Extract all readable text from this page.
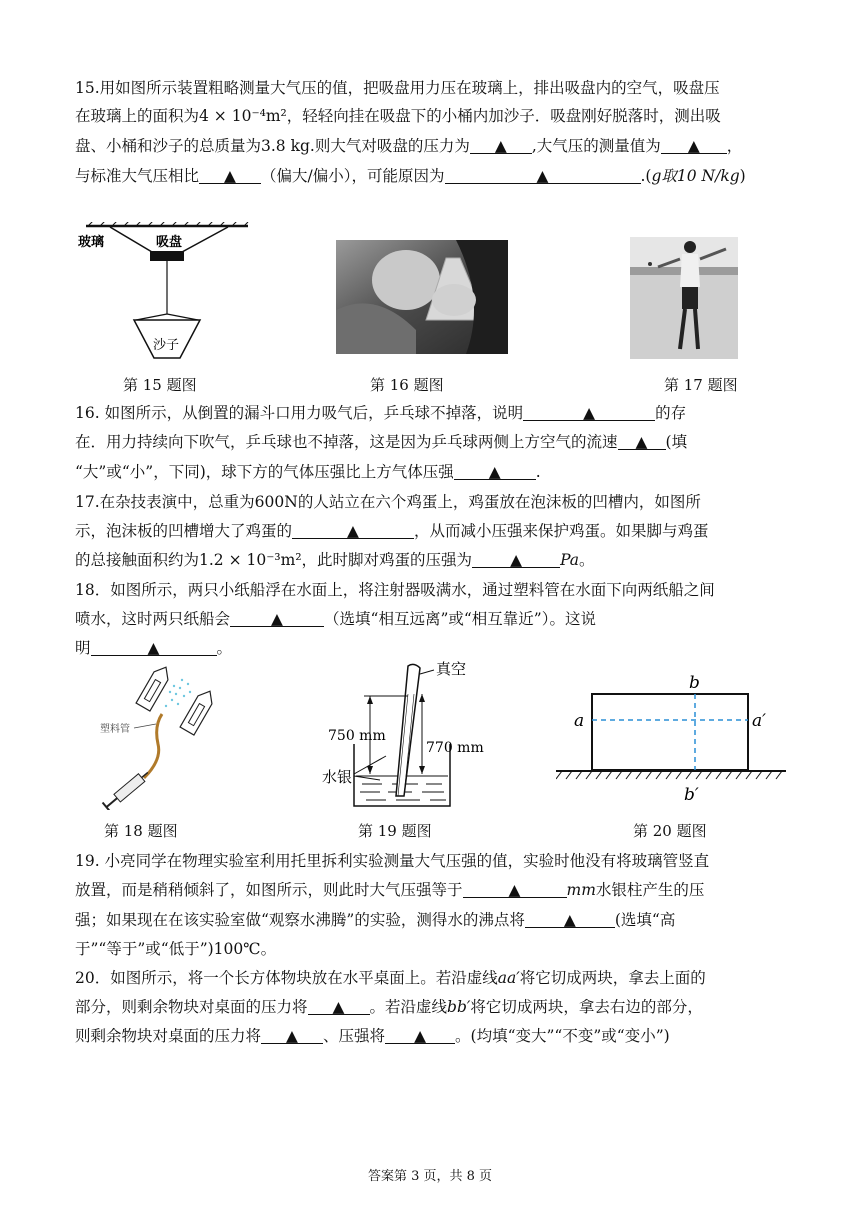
15.用如图所示装置粗略测量大气压的值，把吸盘用力压在玻璃上，排出吸盘内的空气，吸盘压
在玻璃上的面积为4 × 10⁻⁴m²，轻轻向挂在吸盘下的小桶内加沙子．吸盘刚好脱落时，测出吸
盘、小桶和沙子的总质量为3.8 kg.则大气对吸盘的压力为 ▲ ,大气压的测量值为 ▲ ，
与标准大气压相比 ▲ （偏大/偏小），可能原因为	▲	.(g取10 N/kg)
玻璃	吸盘
沙子
第 15 题图	第 16 题图	第 17 题图
16. 如图所示，从倒置的漏斗口用力吸气后，乒乓球不掉落，说明	▲	的存
在．用力持续向下吹气，乒乓球也不掉落，这是因为乒乓球两侧上方空气的流速 ▲ (填
“大”或“小”，下同)，球下方的气体压强比上方气体压强 ▲ .
17.在杂技表演中，总重为600N的人站立在六个鸡蛋上，鸡蛋放在泡沫板的凹槽内，如图所
示，泡沫板的凹槽增大了鸡蛋的	▲	，从而减小压强来保护鸡蛋。如果脚与鸡蛋
的总接触面积约为1.2 × 10⁻³m²，此时脚对鸡蛋的压强为 ▲ Pa。
18．如图所示，两只小纸船浮在水面上，将注射器吸满水，通过塑料管在水面下向两纸船之间
喷水，这时两只纸船会	▲	（选填“相互远离”或“相互靠近”）。这说
明	▲	。
塑料管
真空
750 mm
770 mm
水银
a	a′
b
b′
第 18 题图	第 19 题图	第 20 题图
19. 小亮同学在物理实验室利用托里拆利实验测量大气压强的值，实验时他没有将玻璃管竖直
放置，而是稍稍倾斜了，如图所示，则此时大气压强等于	▲	mm水银柱产生的压
强；如果现在在该实验室做“观察水沸腾”的实验，测得水的沸点将	▲	(选填“高
于”“等于”或“低于”)100℃。
20．如图所示，将一个长方体物块放在水平桌面上。若沿虚线aa′将它切成两块，拿去上面的
部分，则剩余物块对桌面的压力将 ▲ 。若沿虚线bb′将它切成两块，拿去右边的部分，
则剩余物块对桌面的压力将 ▲ 、压强将 ▲ 。(均填“变大”“不变”或“变小”)
答案第 3 页，共 8 页
